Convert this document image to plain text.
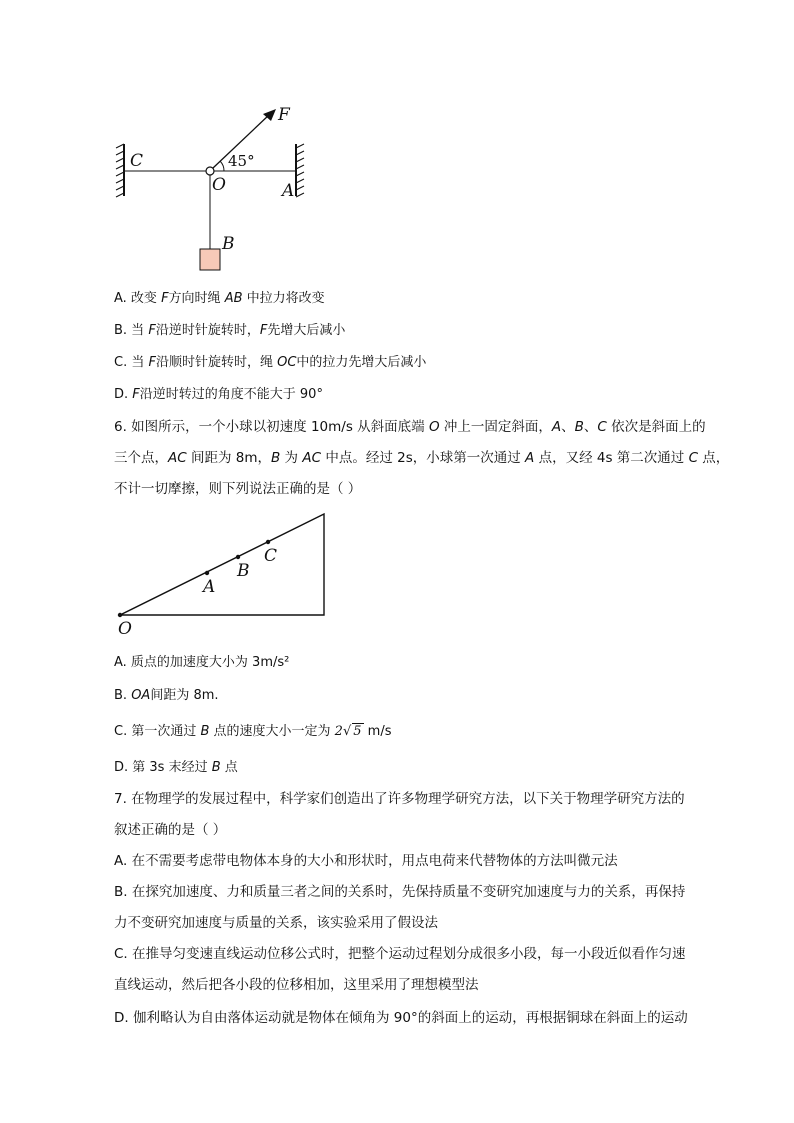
F
C	45°
O	A
B
A. 改变 F方向时绳 AB 中拉力将改变
B. 当 F沿逆时针旋转时，F先增大后减小
C. 当 F沿顺时针旋转时，绳 OC中的拉力先增大后减小
D. F沿逆时转过的角度不能大于 90°
6. 如图所示，一个小球以初速度 10m/s 从斜面底端 O 冲上一固定斜面，A、B、C 依次是斜面上的
三个点，AC 间距为 8m，B 为 AC 中点。经过 2s，小球第一次通过 A 点，又经 4s 第二次通过 C 点，
不计一切摩擦，则下列说法正确的是（ ）
O
A
B
C
A. 质点的加速度大小为 3m/s²
B. OA间距为 8m.
C. 第一次通过 B 点的速度大小一定为 2√ 5 m/s
D. 第 3s 末经过 B 点
7. 在物理学的发展过程中，科学家们创造出了许多物理学研究方法，以下关于物理学研究方法的
叙述正确的是（ ）
A. 在不需要考虑带电物体本身的大小和形状时，用点电荷来代替物体的方法叫微元法
B. 在探究加速度、力和质量三者之间的关系时，先保持质量不变研究加速度与力的关系，再保持
力不变研究加速度与质量的关系，该实验采用了假设法
C. 在推导匀变速直线运动位移公式时，把整个运动过程划分成很多小段，每一小段近似看作匀速
直线运动，然后把各小段的位移相加，这里采用了理想模型法
D. 伽利略认为自由落体运动就是物体在倾角为 90°的斜面上的运动，再根据铜球在斜面上的运动
